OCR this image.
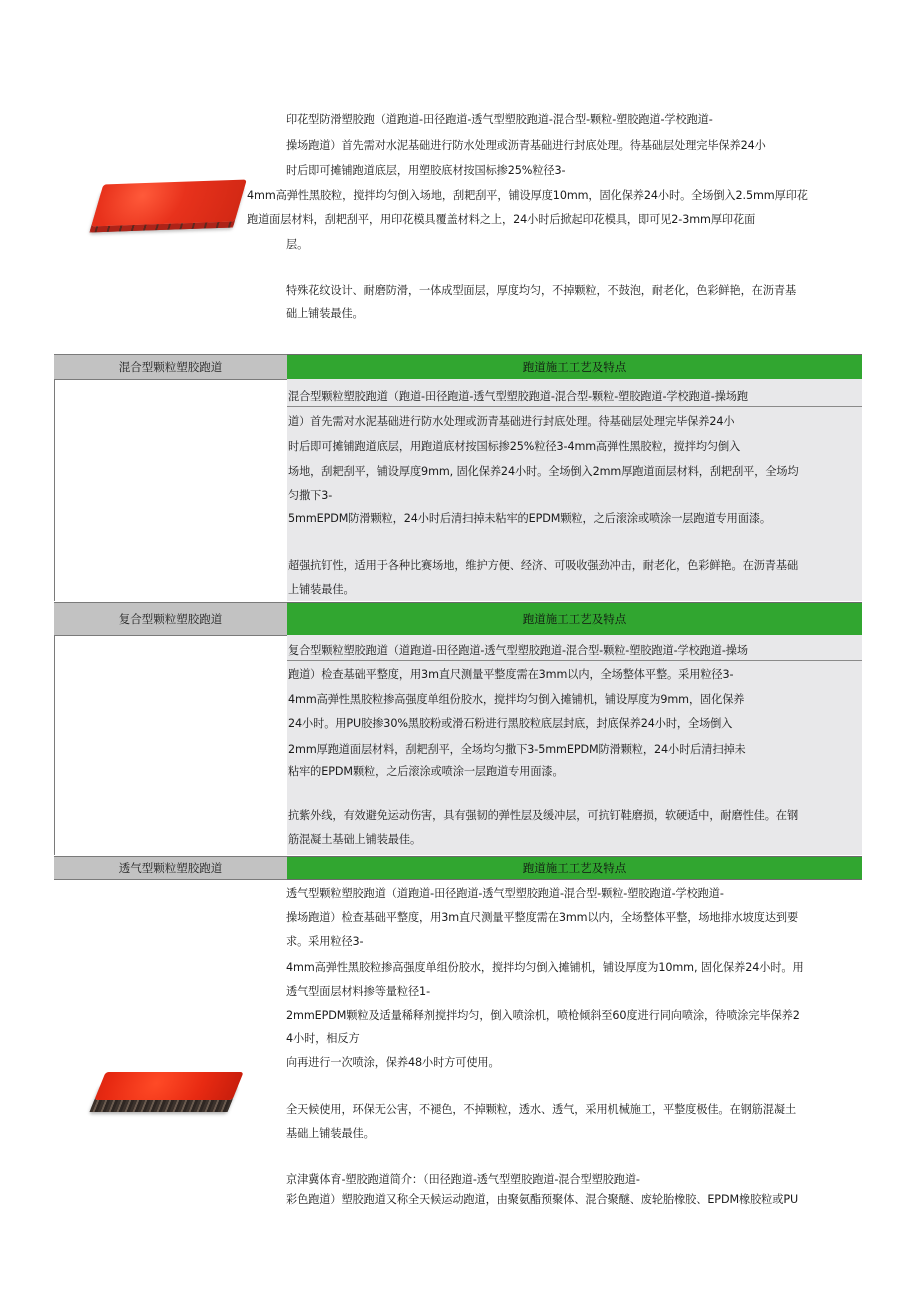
印花型防滑塑胶跑（道跑道-田径跑道-透气型塑胶跑道-混合型-颗粒-塑胶跑道-学校跑道-
操场跑道）首先需对水泥基础进行防水处理或沥青基础进行封底处理。待基础层处理完毕保养24小
时后即可摊铺跑道底层，用塑胶底材按国标掺25%粒径3-
4mm高弹性黑胶粒，搅拌均匀倒入场地，刮耙刮平，铺设厚度10mm，固化保养24小时。全场倒入2.5mm厚印花
跑道面层材料，刮耙刮平，用印花模具覆盖材料之上，24小时后掀起印花模具，即可见2-3mm厚印花面
层。
特殊花纹设计、耐磨防滑，一体成型面层，厚度均匀，不掉颗粒，不鼓泡，耐老化，色彩鲜艳，在沥青基
础上铺装最佳。
混合型颗粒塑胶跑道	跑道施工工艺及特点
混合型颗粒塑胶跑道（跑道-田径跑道-透气型塑胶跑道-混合型-颗粒-塑胶跑道-学校跑道-操场跑
道）首先需对水泥基础进行防水处理或沥青基础进行封底处理。待基础层处理完毕保养24小
时后即可摊铺跑道底层，用跑道底材按国标掺25%粒径3-4mm高弹性黑胶粒，搅拌均匀倒入
场地，刮耙刮平，铺设厚度9mm, 固化保养24小时。全场倒入2mm厚跑道面层材料，刮耙刮平，全场均
匀撒下3-
5mmEPDM防滑颗粒，24小时后清扫掉未粘牢的EPDM颗粒，之后滚涂或喷涂一层跑道专用面漆。
超强抗钉性，适用于各种比赛场地，维护方便、经济、可吸收强劲冲击，耐老化，色彩鲜艳。在沥青基础
上铺装最佳。
复合型颗粒塑胶跑道	跑道施工工艺及特点
复合型颗粒塑胶跑道（道跑道-田径跑道-透气型塑胶跑道-混合型-颗粒-塑胶跑道-学校跑道-操场
跑道）检查基础平整度，用3m直尺测量平整度需在3mm以内，全场整体平整。采用粒径3-
4mm高弹性黑胶粒掺高强度单组份胶水，搅拌均匀倒入摊铺机，铺设厚度为9mm，固化保养
24小时。用PU胶掺30%黑胶粉或滑石粉进行黑胶粒底层封底，封底保养24小时，全场倒入
2mm厚跑道面层材料，刮耙刮平，全场均匀撒下3-5mmEPDM防滑颗粒，24小时后清扫掉未
粘牢的EPDM颗粒，之后滚涂或喷涂一层跑道专用面漆。
抗紫外线，有效避免运动伤害，具有强韧的弹性层及缓冲层，可抗钉鞋磨损，软硬适中，耐磨性佳。在钢
筋混凝土基础上铺装最佳。
透气型颗粒塑胶跑道	跑道施工工艺及特点
透气型颗粒塑胶跑道（道跑道-田径跑道-透气型塑胶跑道-混合型-颗粒-塑胶跑道-学校跑道-
操场跑道）检查基础平整度，用3m直尺测量平整度需在3mm以内，全场整体平整，场地排水坡度达到要
求。采用粒径3-
4mm高弹性黑胶粒掺高强度单组份胶水，搅拌均匀倒入摊铺机，铺设厚度为10mm, 固化保养24小时。用
透气型面层材料掺等量粒径1-
2mmEPDM颗粒及适量稀释剂搅拌均匀，倒入喷涂机，喷枪倾斜至60度进行同向喷涂，待喷涂完毕保养2
4小时，相反方
向再进行一次喷涂，保养48小时方可使用。
全天候使用，环保无公害，不褪色，不掉颗粒，透水、透气，采用机械施工，平整度极佳。在钢筋混凝土
基础上铺装最佳。
京津冀体育-塑胶跑道简介：（田径跑道-透气型塑胶跑道-混合型塑胶跑道-
彩色跑道）塑胶跑道又称全天候运动跑道，由聚氨酯预聚体、混合聚醚、废轮胎橡胶、EPDM橡胶粒或PU
